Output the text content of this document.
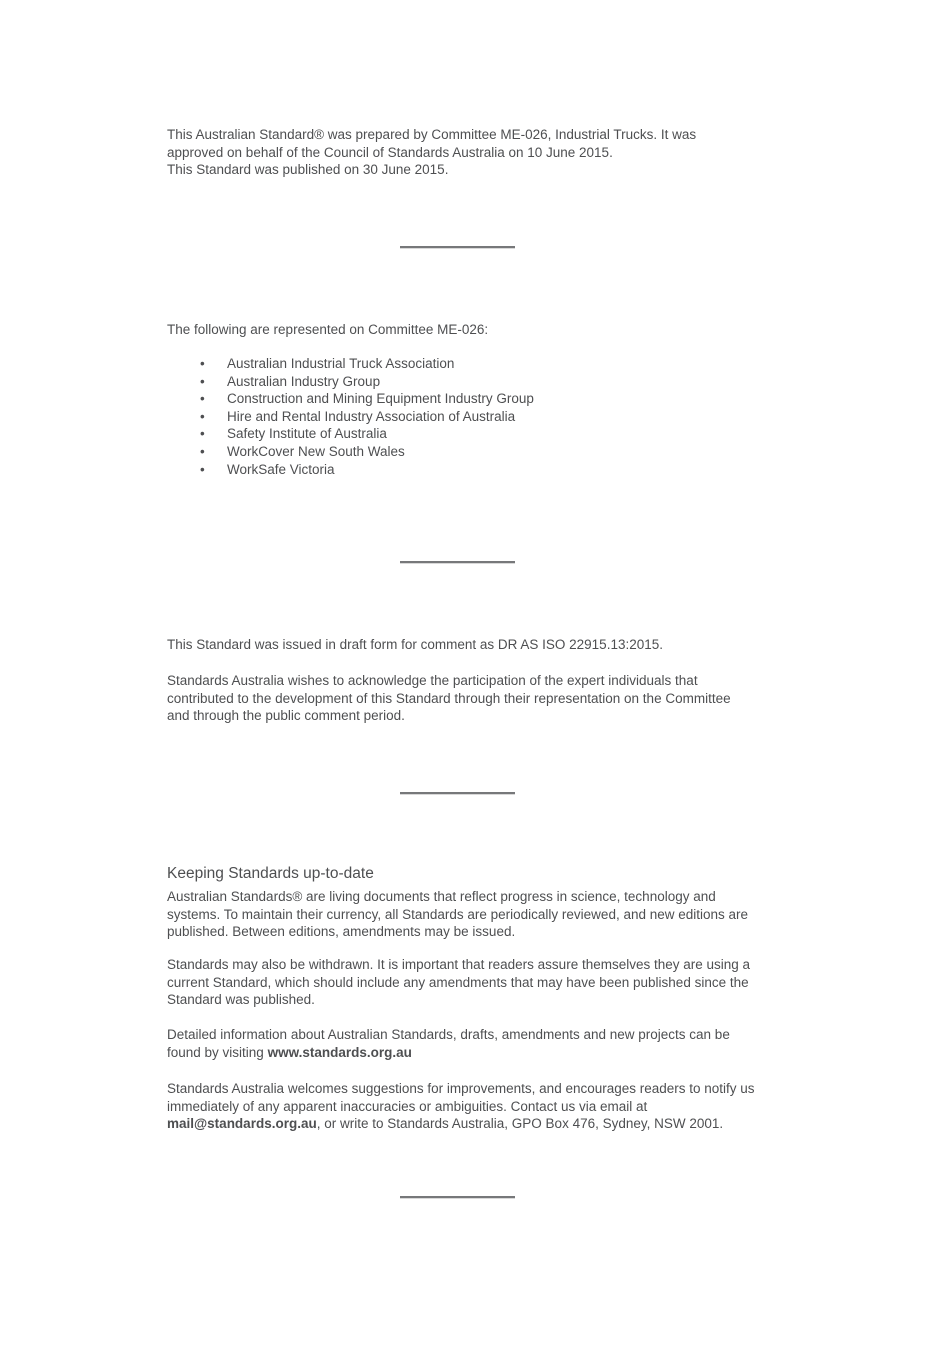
This Australian Standard® was prepared by Committee ME-026, Industrial Trucks. It was approved on behalf of the Council of Standards Australia on 10 June 2015.
This Standard was published on 30 June 2015.
The following are represented on Committee ME-026:
• Australian Industrial Truck Association
• Australian Industry Group
• Construction and Mining Equipment Industry Group
• Hire and Rental Industry Association of Australia
• Safety Institute of Australia
• WorkCover New South Wales
• WorkSafe Victoria
This Standard was issued in draft form for comment as DR AS ISO 22915.13:2015.
Standards Australia wishes to acknowledge the participation of the expert individuals that contributed to the development of this Standard through their representation on the Committee and through the public comment period.
Keeping Standards up-to-date
Australian Standards® are living documents that reflect progress in science, technology and systems. To maintain their currency, all Standards are periodically reviewed, and new editions are published. Between editions, amendments may be issued.
Standards may also be withdrawn. It is important that readers assure themselves they are using a current Standard, which should include any amendments that may have been published since the Standard was published.
Detailed information about Australian Standards, drafts, amendments and new projects can be found by visiting www.standards.org.au
Standards Australia welcomes suggestions for improvements, and encourages readers to notify us immediately of any apparent inaccuracies or ambiguities. Contact us via email at mail@standards.org.au, or write to Standards Australia, GPO Box 476, Sydney, NSW 2001.
